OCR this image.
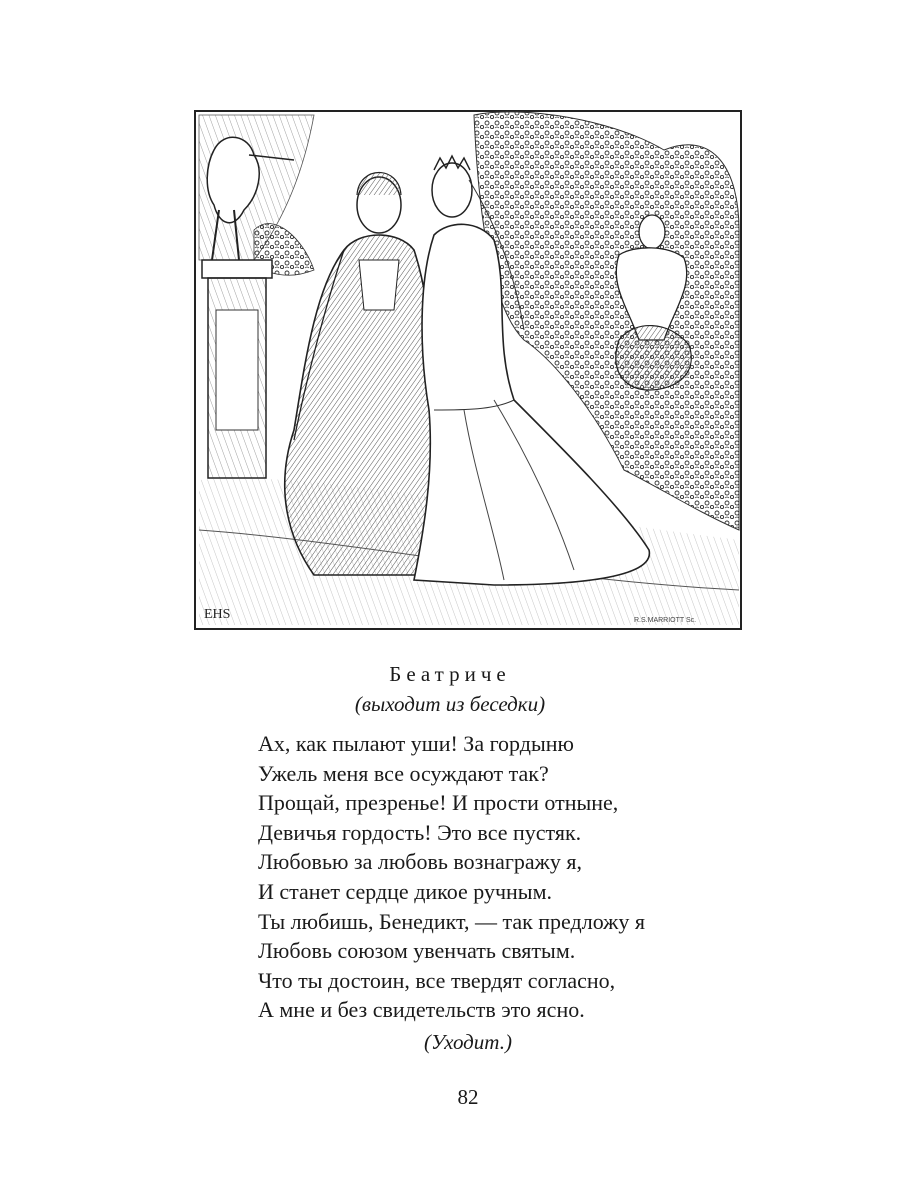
EHS	R.S.MARRIOTT Sc.
Беатриче
(выходит из беседки)
Ах, как пылают уши! За гордыню
Ужель меня все осуждают так?
Прощай, презренье! И прости отныне,
Девичья гордость! Это все пустяк.
Любовью за любовь вознагражу я,
И станет сердце дикое ручным.
Ты любишь, Бенедикт, — так предложу я
Любовь союзом увенчать святым.
Что ты достоин, все твердят согласно,
А мне и без свидетельств это ясно.
(Уходит.)
82
